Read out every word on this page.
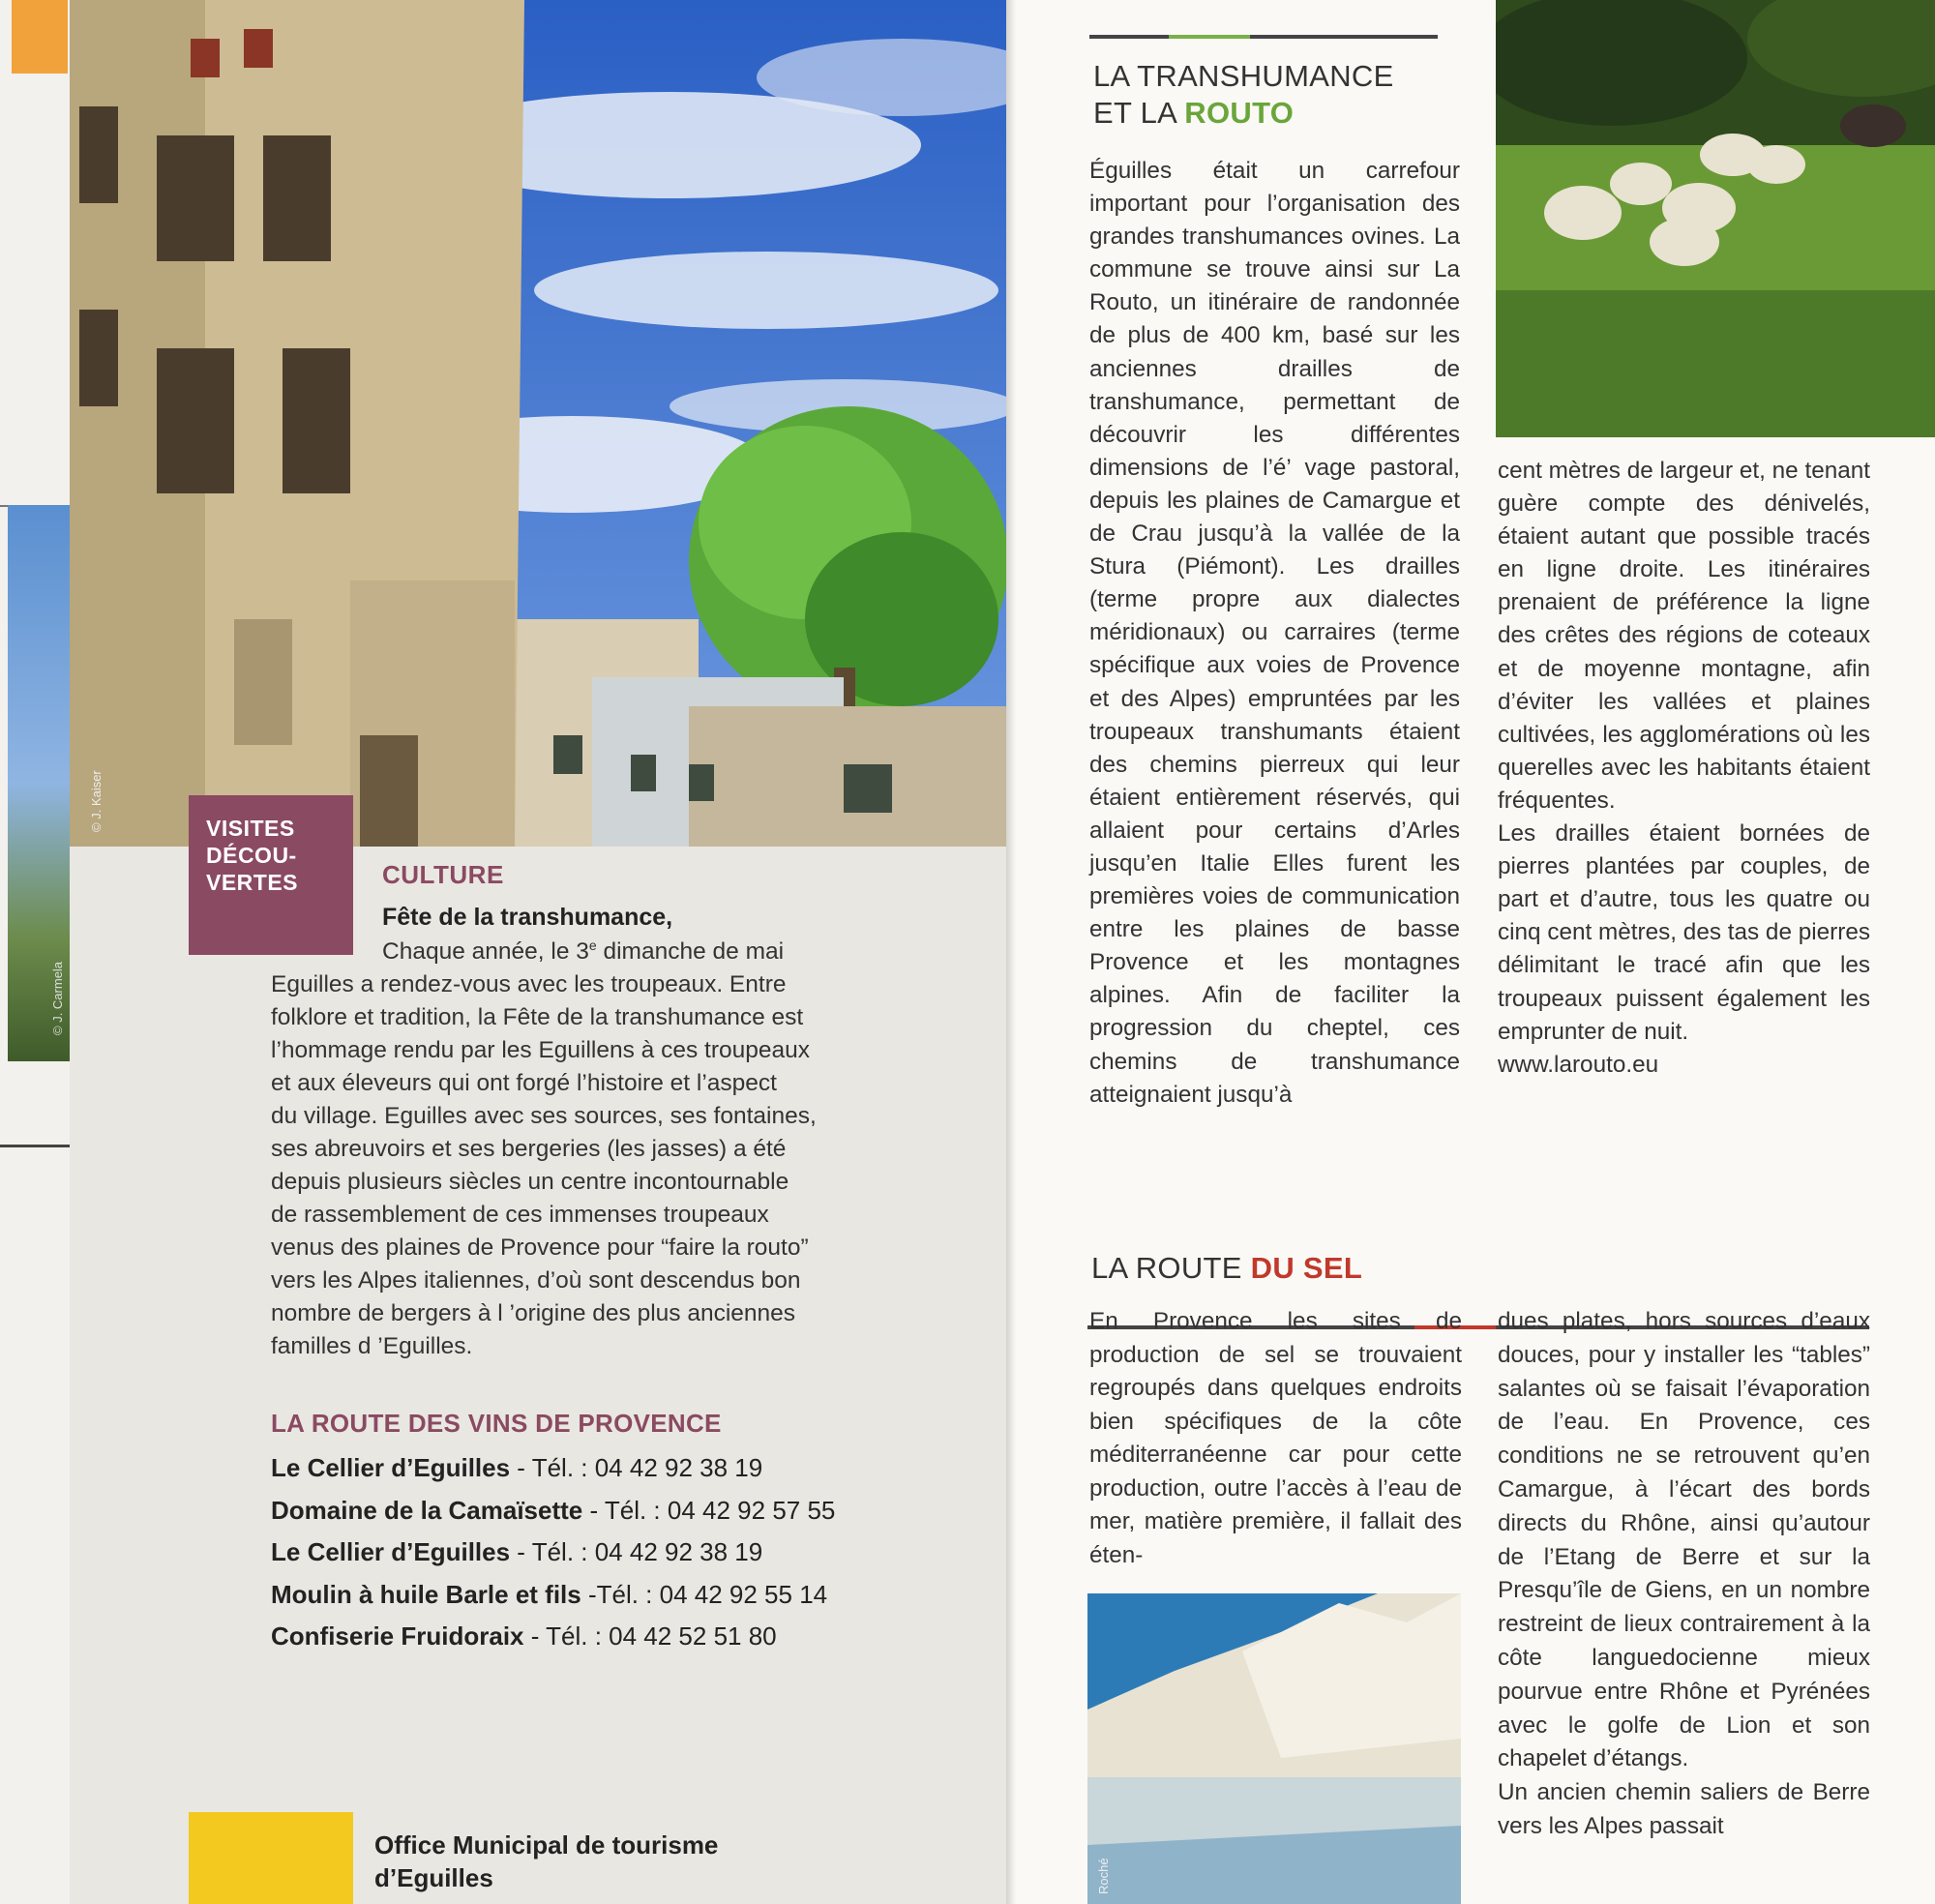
© J. Carmela
© J. Kaiser	VISITES
DÉCOU-
VERTES	CULTURE
Fête de la transhumance,
Chaque année, le 3e dimanche de mai
Eguilles a rendez-vous avec les troupeaux. Entre
folklore et tradition, la Fête de la transhumance est
l’hommage rendu par les Eguillens à ces troupeaux
et aux éleveurs qui ont forgé l’histoire et l’aspect
du village. Eguilles avec ses sources, ses fontaines,
ses abreuvoirs et ses bergeries (les jasses) a été
depuis plusieurs siècles un centre incontournable
de rassemblement de ces immenses troupeaux
venus des plaines de Provence pour “faire la routo”
vers les Alpes italiennes, d’où sont descendus bon
nombre de bergers à l ’origine des plus anciennes
familles d ’Eguilles.
LA ROUTE DES VINS DE PROVENCE
Le Cellier d’Eguilles - Tél. : 04 42 92 38 19
Domaine de la Camaïsette - Tél. : 04 42 92 57 55
Le Cellier d’Eguilles - Tél. : 04 42 92 38 19
Moulin à huile Barle et fils -Tél. : 04 42 92 55 14
Confiserie Fruidoraix - Tél. : 04 42 52 51 80
Office Municipal de tourisme
d’Eguilles
LA TRANSHUMANCE
ET LA ROUTO

Éguilles était un carrefour important pour l’organisation des grandes transhumances ovines. La commune se trouve ainsi sur La Routo, un itinéraire de randonnée de plus de 400 km, basé sur les anciennes drailles de transhumance, permettant de découvrir les différentes dimensions de l’é’ vage pastoral, depuis les plaines de Camargue et de Crau jusqu’à la vallée de la Stura (Piémont). Les drailles (terme propre aux dialectes méridionaux) ou carraires (terme spécifique aux voies de Provence et des Alpes) empruntées par les troupeaux transhumants étaient des chemins pierreux qui leur étaient entièrement réservés, qui allaient pour certains d’Arles jusqu’en Italie Elles furent les premières voies de communication entre les plaines de basse Provence et les montagnes alpines. Afin de faciliter la progression du cheptel, ces chemins de transhumance atteignaient jusqu’à

cent mètres de largeur et, ne tenant guère compte des dénivelés, étaient autant que possible tracés en ligne droite. Les itinéraires prenaient de préférence la ligne des crêtes des régions de coteaux et de moyenne montagne, afin d’éviter les vallées et plaines cultivées, les agglomérations où les querelles avec les habitants étaient fréquentes.

Les drailles étaient bornées de pierres plantées par couples, de part et d’autre, tous les quatre ou cinq cent mètres, des tas de pierres délimitant le tracé afin que les troupeaux puissent également les emprunter de nuit.

www.larouto.eu

LA ROUTE DU SEL

En Provence les sites de production de sel se trouvaient regroupés dans quelques endroits bien spécifiques de la côte méditerranéenne car pour cette production, outre l’accès à l’eau de mer, matière première, il fallait des éten-

Roché

dues plates, hors sources d’eaux douces, pour y installer les “tables” salantes où se faisait l’évaporation de l’eau. En Provence, ces conditions ne se retrouvent qu’en Camargue, à l’écart des bords directs du Rhône, ainsi qu’autour de l’Etang de Berre et sur la Presqu’île de Giens, en un nombre restreint de lieux contrairement à la côte languedocienne mieux pourvue entre Rhône et Pyrénées avec le golfe de Lion et son chapelet d’étangs.

Un ancien chemin saliers de Berre vers les Alpes passait
